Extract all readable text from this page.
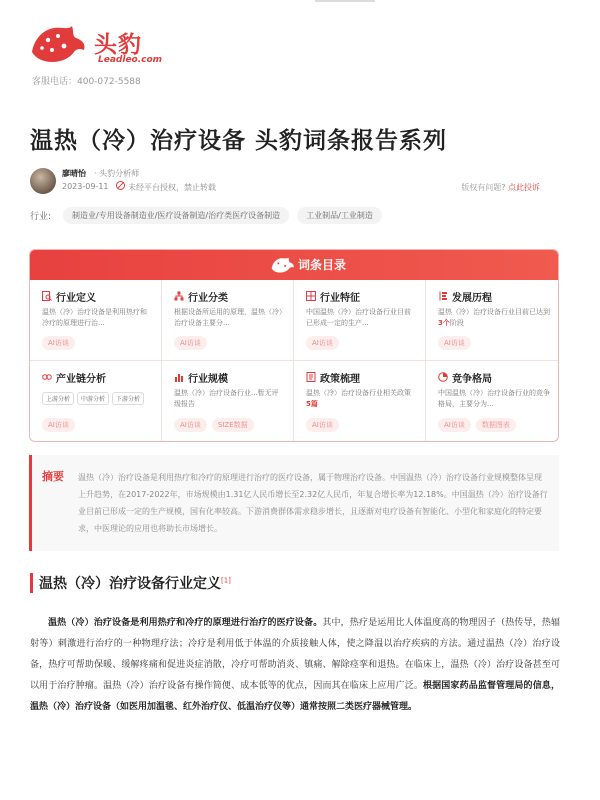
头豹
Leadleo.com
客服电话：400-072-5588
温热（冷）治疗设备 头豹词条报告系列
廖晴怡 · 头豹分析师
2023-09-11 未经平台授权，禁止转载	版权有问题? 点此投诉
行业:	制造业/专用设备制造业/医疗设备制造/治疗类医疗设备制造	工业制品/工业制造
词条目录
行业定义
温热（冷）治疗设备是利用热疗和冷疗的原理进行治...
AI访谈
行业分类
根据设备所运用的原理，温热（冷）治疗设备主要分...
AI访谈
行业特征
中国温热（冷）治疗设备行业目前已形成一定的生产...
AI访谈
发展历程
温热（冷）治疗设备行业目前已达到 3个阶段
AI访谈
产业链分析
上游分析	中游分析	下游分析
AI访谈
行业规模
温热（冷）治疗设备行业...暂无评级报告
AI访谈	SIZE数据
政策梳理
温热（冷）治疗设备行业相关政策 5篇
AI访谈
竞争格局
中国温热（冷）治疗设备行业的竞争格局，主要分为...
AI访谈	数据图表
摘要 温热（冷）治疗设备是利用热疗和冷疗的原理进行治疗的医疗设备，属于物理治疗设备。中国温热（冷）治疗设备行业规模整体呈现上升趋势，在2017-2022年，市场规模由1.31亿人民币增长至2.32亿人民币，年复合增长率为12.18%。中国温热（冷）治疗设备行业目前已形成一定的生产规模，国有化率较高。下游消费群体需求稳步增长，且逐渐对电疗设备有智能化、小型化和家庭化的特定要求，中医理论的应用也将助长市场增长。

温热（冷）治疗设备行业定义[1]

温热（冷）治疗设备是利用热疗和冷疗的原理进行治疗的医疗设备。其中，热疗是运用比人体温度高的物理因子（热传导，热辐射等）刺激进行治疗的一种物理疗法；冷疗是利用低于体温的介质接触人体，使之降温以治疗疾病的方法。通过温热（冷）治疗设备，热疗可帮助保暖、缓解疼痛和促进炎症消散，冷疗可帮助消炎、镇痛、解除痉挛和退热。在临床上，温热（冷）治疗设备甚至可以用于治疗肿瘤。温热（冷）治疗设备有操作简便、成本低等的优点，因而其在临床上应用广泛。根据国家药品监督管理局的信息，温热（冷）治疗设备（如医用加温毯、红外治疗仪、低温治疗仪等）通常按照二类医疗器械管理。
